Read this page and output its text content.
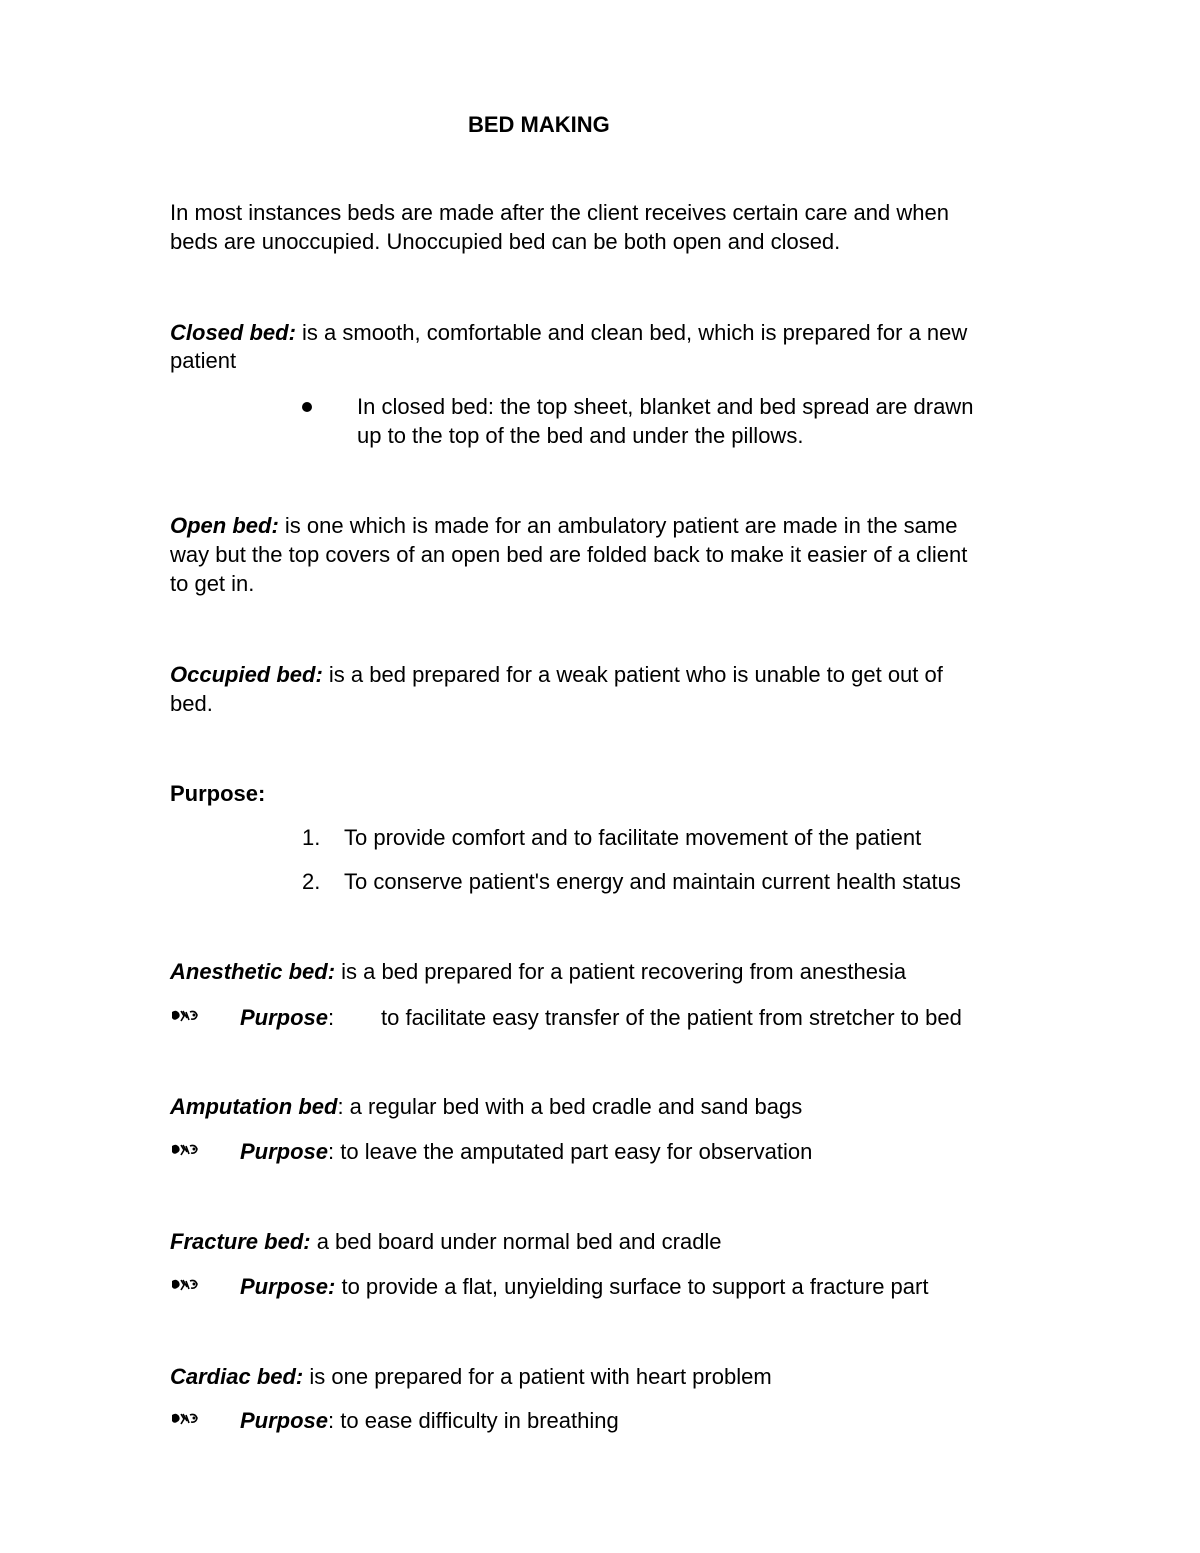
BED MAKING
In most instances beds are made after the client receives certain care and when
beds are unoccupied. Unoccupied bed can be both open and closed.
Closed bed: is a smooth, comfortable and clean bed, which is prepared for a new
patient
In closed bed: the top sheet, blanket and bed spread are drawn
up to the top of the bed and under the pillows.
Open bed: is one which is made for an ambulatory patient are made in the same
way but the top covers of an open bed are folded back to make it easier of a client
to get in.
Occupied bed: is a bed prepared for a weak patient who is unable to get out of
bed.
Purpose:
1. To provide comfort and to facilitate movement of the patient
2. To conserve patient's energy and maintain current health status
Anesthetic bed: is a bed prepared for a patient recovering from anesthesia
Purpose: to facilitate easy transfer of the patient from stretcher to bed
Amputation bed: a regular bed with a bed cradle and sand bags
Purpose: to leave the amputated part easy for observation
Fracture bed: a bed board under normal bed and cradle
Purpose: to provide a flat, unyielding surface to support a fracture part
Cardiac bed: is one prepared for a patient with heart problem
Purpose: to ease difficulty in breathing
